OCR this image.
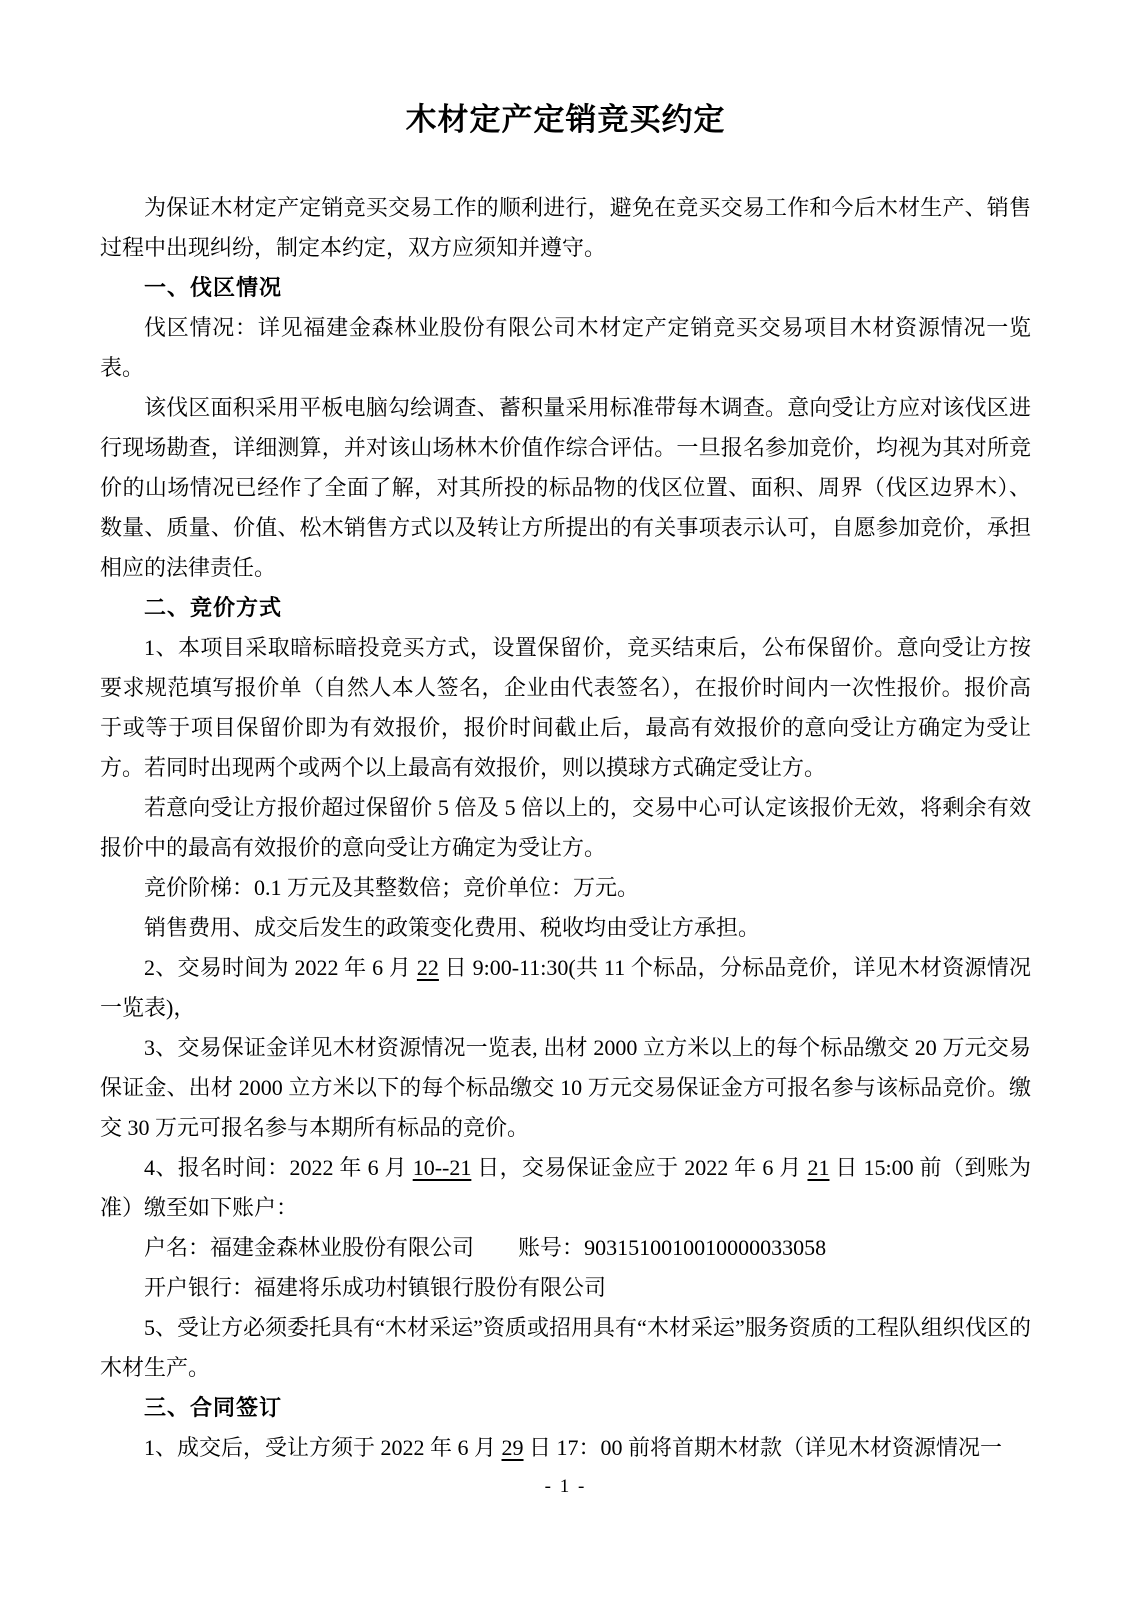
木材定产定销竞买约定

为保证木材定产定销竞买交易工作的顺利进行，避免在竞买交易工作和今后木材生产、销售过程中出现纠纷，制定本约定，双方应须知并遵守。

一、伐区情况

伐区情况：详见福建金森林业股份有限公司木材定产定销竞买交易项目木材资源情况一览表。

该伐区面积采用平板电脑勾绘调查、蓄积量采用标准带每木调查。意向受让方应对该伐区进行现场勘查，详细测算，并对该山场林木价值作综合评估。一旦报名参加竞价，均视为其对所竞价的山场情况已经作了全面了解，对其所投的标品物的伐区位置、面积、周界（伐区边界木）、数量、质量、价值、松木销售方式以及转让方所提出的有关事项表示认可，自愿参加竞价，承担相应的法律责任。

二、竞价方式

1、本项目采取暗标暗投竞买方式，设置保留价，竞买结束后，公布保留价。意向受让方按要求规范填写报价单（自然人本人签名，企业由代表签名），在报价时间内一次性报价。报价高于或等于项目保留价即为有效报价，报价时间截止后，最高有效报价的意向受让方确定为受让方。若同时出现两个或两个以上最高有效报价，则以摸球方式确定受让方。

若意向受让方报价超过保留价 5 倍及 5 倍以上的，交易中心可认定该报价无效，将剩余有效报价中的最高有效报价的意向受让方确定为受让方。

竞价阶梯：0.1 万元及其整数倍；竞价单位：万元。

销售费用、成交后发生的政策变化费用、税收均由受让方承担。

2、交易时间为 2022 年 6 月 22 日 9:00-11:30(共 11 个标品，分标品竞价，详见木材资源情况一览表)，

3、交易保证金详见木材资源情况一览表, 出材 2000 立方米以上的每个标品缴交 20 万元交易保证金、出材 2000 立方米以下的每个标品缴交 10 万元交易保证金方可报名参与该标品竞价。缴交 30 万元可报名参与本期所有标品的竞价。

4、报名时间：2022 年 6 月 10--21 日，交易保证金应于 2022 年 6 月 21 日 15:00 前（到账为准）缴至如下账户：

户名：福建金森林业股份有限公司　　 账号：9031510010010000033058

开户银行：福建将乐成功村镇银行股份有限公司

5、受让方必须委托具有“木材采运”资质或招用具有“木材采运”服务资质的工程队组织伐区的木材生产。

三、合同签订

1、成交后，受让方须于 2022 年 6 月 29 日 17：00 前将首期木材款（详见木材资源情况一

- 1 -
